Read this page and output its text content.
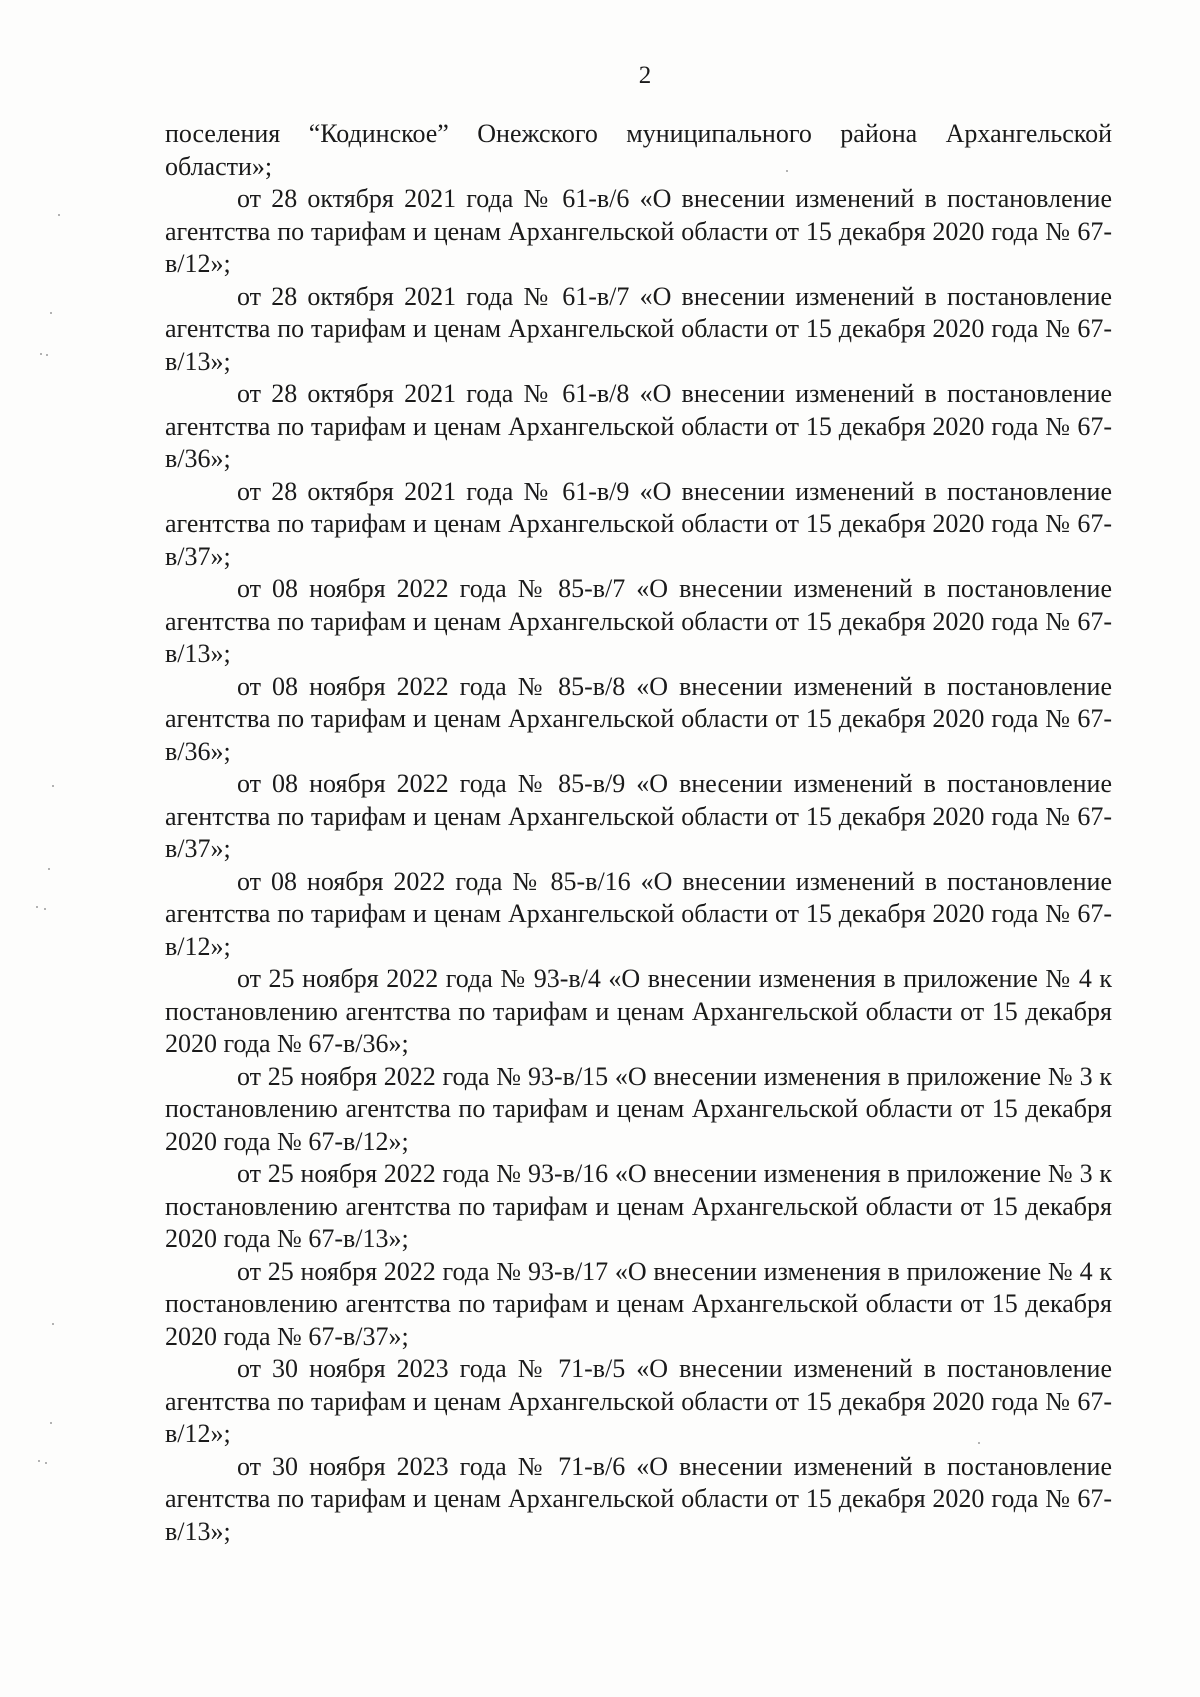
2

поселения “Кодинское” Онежского муниципального района Архангельской области»;

от 28 октября 2021 года № 61-в/6 «О внесении изменений в постановление агентства по тарифам и ценам Архангельской области от 15 декабря 2020 года № 67-в/12»;

от 28 октября 2021 года № 61-в/7 «О внесении изменений в постановление агентства по тарифам и ценам Архангельской области от 15 декабря 2020 года № 67-в/13»;

от 28 октября 2021 года № 61-в/8 «О внесении изменений в постановление агентства по тарифам и ценам Архангельской области от 15 декабря 2020 года № 67-в/36»;

от 28 октября 2021 года № 61-в/9 «О внесении изменений в постановление агентства по тарифам и ценам Архангельской области от 15 декабря 2020 года № 67-в/37»;

от 08 ноября 2022 года № 85-в/7 «О внесении изменений в постановление агентства по тарифам и ценам Архангельской области от 15 декабря 2020 года № 67-в/13»;

от 08 ноября 2022 года № 85-в/8 «О внесении изменений в постановление агентства по тарифам и ценам Архангельской области от 15 декабря 2020 года № 67-в/36»;

от 08 ноября 2022 года № 85-в/9 «О внесении изменений в постановление агентства по тарифам и ценам Архангельской области от 15 декабря 2020 года № 67-в/37»;

от 08 ноября 2022 года № 85-в/16 «О внесении изменений в постановление агентства по тарифам и ценам Архангельской области от 15 декабря 2020 года № 67-в/12»;

от 25 ноября 2022 года № 93-в/4 «О внесении изменения в приложение № 4 к постановлению агентства по тарифам и ценам Архангельской области от 15 декабря 2020 года № 67-в/36»;

от 25 ноября 2022 года № 93-в/15 «О внесении изменения в приложение № 3 к постановлению агентства по тарифам и ценам Архангельской области от 15 декабря 2020 года № 67-в/12»;

от 25 ноября 2022 года № 93-в/16 «О внесении изменения в приложение № 3 к постановлению агентства по тарифам и ценам Архангельской области от 15 декабря 2020 года № 67-в/13»;

от 25 ноября 2022 года № 93-в/17 «О внесении изменения в приложение № 4 к постановлению агентства по тарифам и ценам Архангельской области от 15 декабря 2020 года № 67-в/37»;

от 30 ноября 2023 года № 71-в/5 «О внесении изменений в постановление агентства по тарифам и ценам Архангельской области от 15 декабря 2020 года № 67-в/12»;

от 30 ноября 2023 года № 71-в/6 «О внесении изменений в постановление агентства по тарифам и ценам Архангельской области от 15 декабря 2020 года № 67-в/13»;
